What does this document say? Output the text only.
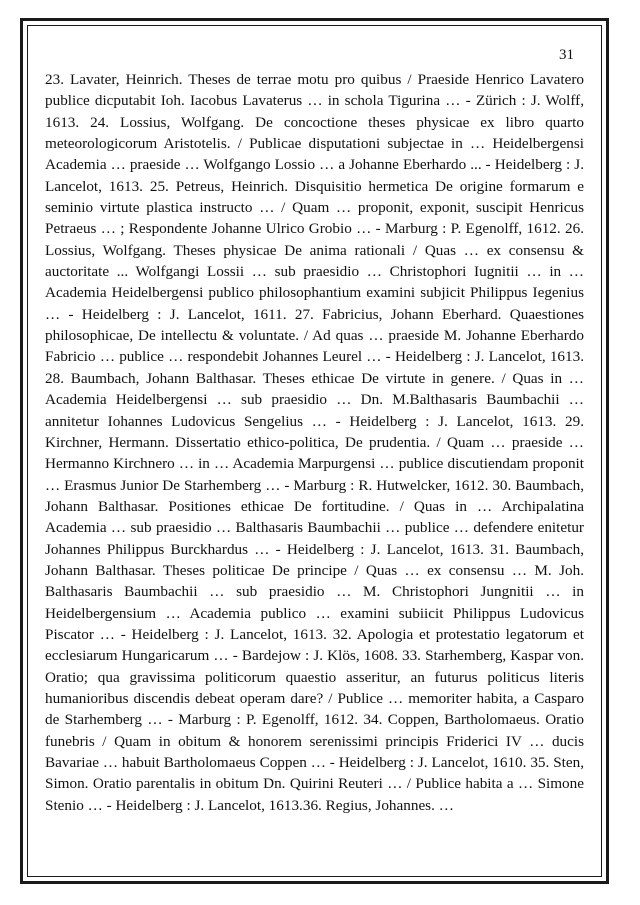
31

23. Lavater, Heinrich. Theses de terrae motu pro quibus / Praeside Henrico Lavatero publice dicputabit Ioh. Iacobus Lavaterus … in schola Tigurina … - Zürich : J. Wolff, 1613. 24. Lossius, Wolfgang. De concoctione theses physicae ex libro quarto meteorologicorum Aristotelis. / Publicae disputationi subjectae in … Heidelbergensi Academia … praeside … Wolfgango Lossio … a Johanne Eberhardo ... - Heidelberg : J. Lancelot, 1613. 25. Petreus, Heinrich. Disquisitio hermetica De origine formarum e seminio virtute plastica instructo … / Quam … proponit, exponit, suscipit Henricus Petraeus … ; Respondente Johanne Ulrico Grobio … - Marburg : P. Egenolff, 1612. 26. Lossius, Wolfgang. Theses physicae De anima rationali / Quas … ex consensu & auctoritate ... Wolfgangi Lossii … sub praesidio … Christophori Iugnitii … in … Academia Heidelbergensi publico philosophantium examini subjicit Philippus Iegenius … - Heidelberg : J. Lancelot, 1611. 27. Fabricius, Johann Eberhard. Quaestiones philosophicae, De intellectu & voluntate. / Ad quas … praeside M. Johanne Eberhardo Fabricio … publice … respondebit Johannes Leurel … - Heidelberg : J. Lancelot, 1613. 28. Baumbach, Johann Balthasar. Theses ethicae De virtute in genere. / Quas in … Academia Heidelbergensi … sub praesidio … Dn. M.Balthasaris Baumbachii … annitetur Iohannes Ludovicus Sengelius … - Heidelberg : J. Lancelot, 1613. 29. Kirchner, Hermann. Dissertatio ethico-politica, De prudentia. / Quam … praeside … Hermanno Kirchnero … in … Academia Marpurgensi … publice discutiendam proponit … Erasmus Junior De Starhemberg … - Marburg : R. Hutwelcker, 1612. 30. Baumbach, Johann Balthasar. Positiones ethicae De fortitudine. / Quas in … Archipalatina Academia … sub praesidio … Balthasaris Baumbachii … publice … defendere enitetur Johannes Philippus Burckhardus … - Heidelberg : J. Lancelot, 1613. 31. Baumbach, Johann Balthasar. Theses politicae De principe / Quas … ex consensu … M. Joh. Balthasaris Baumbachii … sub praesidio … M. Christophori Jungnitii … in Heidelbergensium … Academia publico … examini subiicit Philippus Ludovicus Piscator … - Heidelberg : J. Lancelot, 1613. 32. Apologia et protestatio legatorum et ecclesiarum Hungaricarum … - Bardejow : J. Klös, 1608. 33. Starhemberg, Kaspar von. Oratio; qua gravissima politicorum quaestio asseritur, an futurus politicus literis humanioribus discendis debeat operam dare? / Publice … memoriter habita, a Casparo de Starhemberg … - Marburg : P. Egenolff, 1612. 34. Coppen, Bartholomaeus. Oratio funebris / Quam in obitum & honorem serenissimi principis Friderici IV … ducis Bavariae … habuit Bartholomaeus Coppen … - Heidelberg : J. Lancelot, 1610. 35. Sten, Simon. Oratio parentalis in obitum Dn. Quirini Reuteri … / Publice habita a … Simone Stenio … - Heidelberg : J. Lancelot, 1613.36. Regius, Johannes. …
